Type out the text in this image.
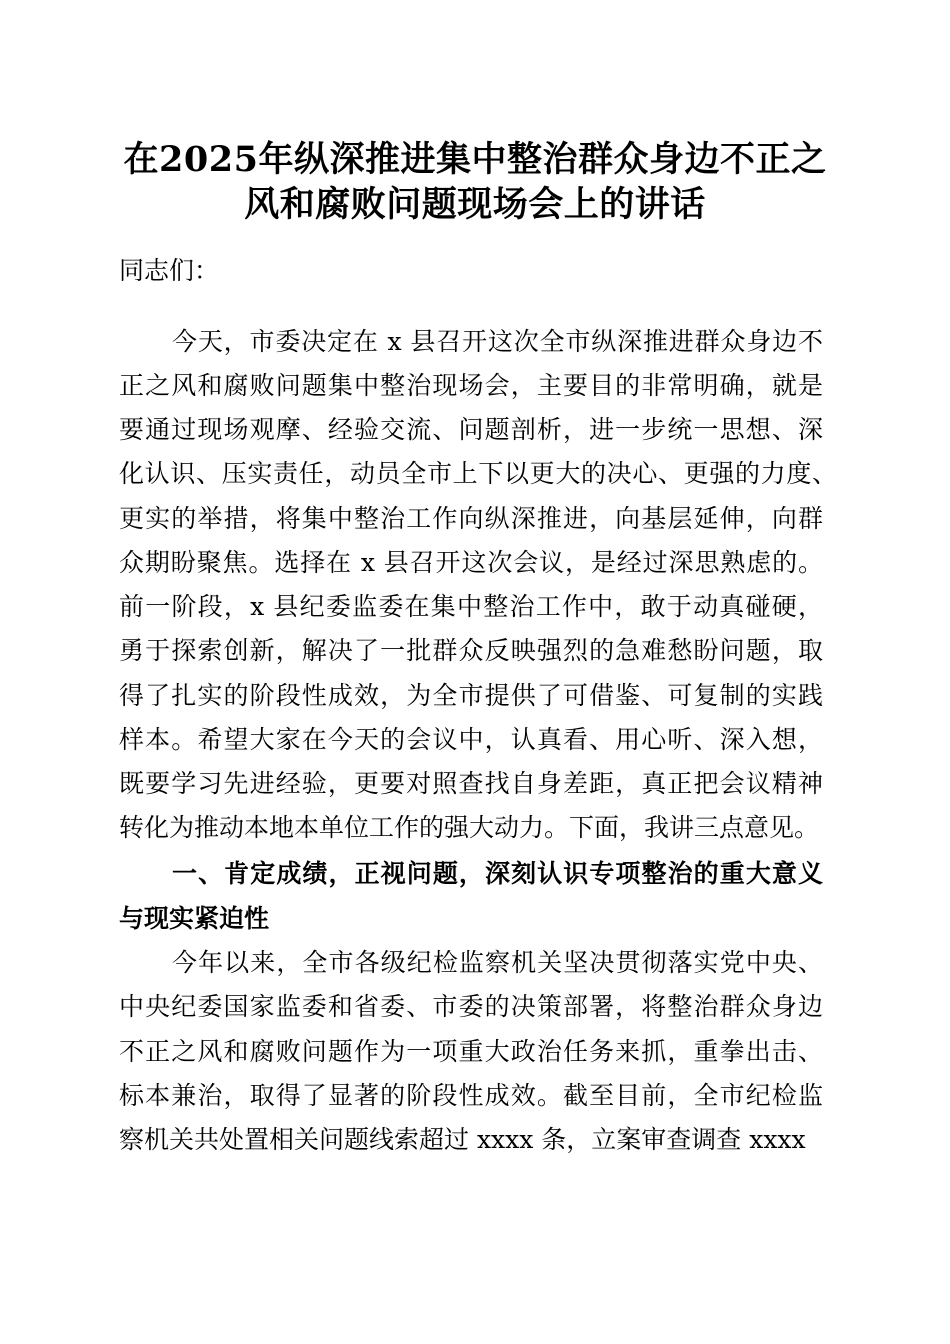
在2025年纵深推进集中整治群众身边不正之
风和腐败问题现场会上的讲话
同志们：
今天，市委决定在 x 县召开这次全市纵深推进群众身边不
正之风和腐败问题集中整治现场会，主要目的非常明确，就是
要通过现场观摩、经验交流、问题剖析，进一步统一思想、深
化认识、压实责任，动员全市上下以更大的决心、更强的力度、
更实的举措，将集中整治工作向纵深推进，向基层延伸，向群
众期盼聚焦。选择在 x 县召开这次会议，是经过深思熟虑的。
前一阶段，x 县纪委监委在集中整治工作中，敢于动真碰硬，
勇于探索创新，解决了一批群众反映强烈的急难愁盼问题，取
得了扎实的阶段性成效，为全市提供了可借鉴、可复制的实践
样本。希望大家在今天的会议中，认真看、用心听、深入想，
既要学习先进经验，更要对照查找自身差距，真正把会议精神
转化为推动本地本单位工作的强大动力。下面，我讲三点意见。
一、肯定成绩，正视问题，深刻认识专项整治的重大意义
与现实紧迫性
今年以来，全市各级纪检监察机关坚决贯彻落实党中央、
中央纪委国家监委和省委、市委的决策部署，将整治群众身边
不正之风和腐败问题作为一项重大政治任务来抓，重拳出击、
标本兼治，取得了显著的阶段性成效。截至目前，全市纪检监
察机关共处置相关问题线索超过 xxxx 条，立案审查调查 xxxx
